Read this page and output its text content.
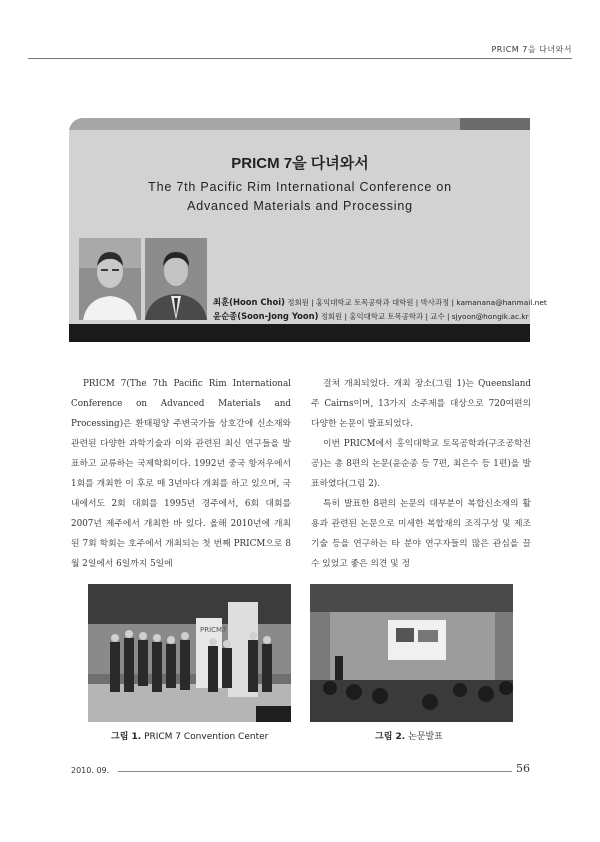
PRICM 7을 다녀와서
PRICM 7을 다녀와서
The 7th Pacific Rim International Conference on
Advanced Materials and Processing
최훈(Hoon Choi) 정회원 | 홍익대학교 토목공학과 대학원 | 박사과정 | kamanana@hanmail.net
윤순종(Soon-Jong Yoon) 정회원 | 홍익대학교 토목공학과 | 교수 | sjyoon@hongik.ac.kr

PRICM 7(The 7th Pacific Rim International Conference on Advanced Materials and Processing)은 환태평양 주변국가들 상호간에 신소재와 관련된 다양한 과학기술과 이와 관련된 최신 연구들을 발표하고 교류하는 국제학회이다. 1992년 중국 항저우에서 1회를 개최한 이 후로 매 3년마다 개최를 하고 있으며, 국내에서도 2회 대회를 1995년 경주에서, 6회 대회를 2007년 제주에서 개최한 바 있다. 올해 2010년에 개최된 7회 학회는 호주에서 개최되는 첫 번째 PRICM으로 8월 2일에서 6일까지 5일에

걸쳐 개최되었다. 개최 장소(그림 1)는 Queensland주 Cairns이며, 13가지 소주제를 대상으로 720여편의 다양한 논문이 발표되었다.

이번 PRICM에서 홍익대학교 토목공학과(구조공학전공)는 총 8편의 논문(윤순종 등 7편, 최은수 등 1편)을 발표하였다(그림 2).

특히 발표한 8편의 논문의 대부분이 복합신소재의 활용과 관련된 논문으로 미세한 복합재의 조직구성 및 제조기술 등을 연구하는 타 분야 연구자들의 많은 관심을 끌 수 있었고 좋은 의견 및 정

PRICM7
그림 1. PRICM 7 Convention Center	그림 2. 논문발표
2010. 09.	56
